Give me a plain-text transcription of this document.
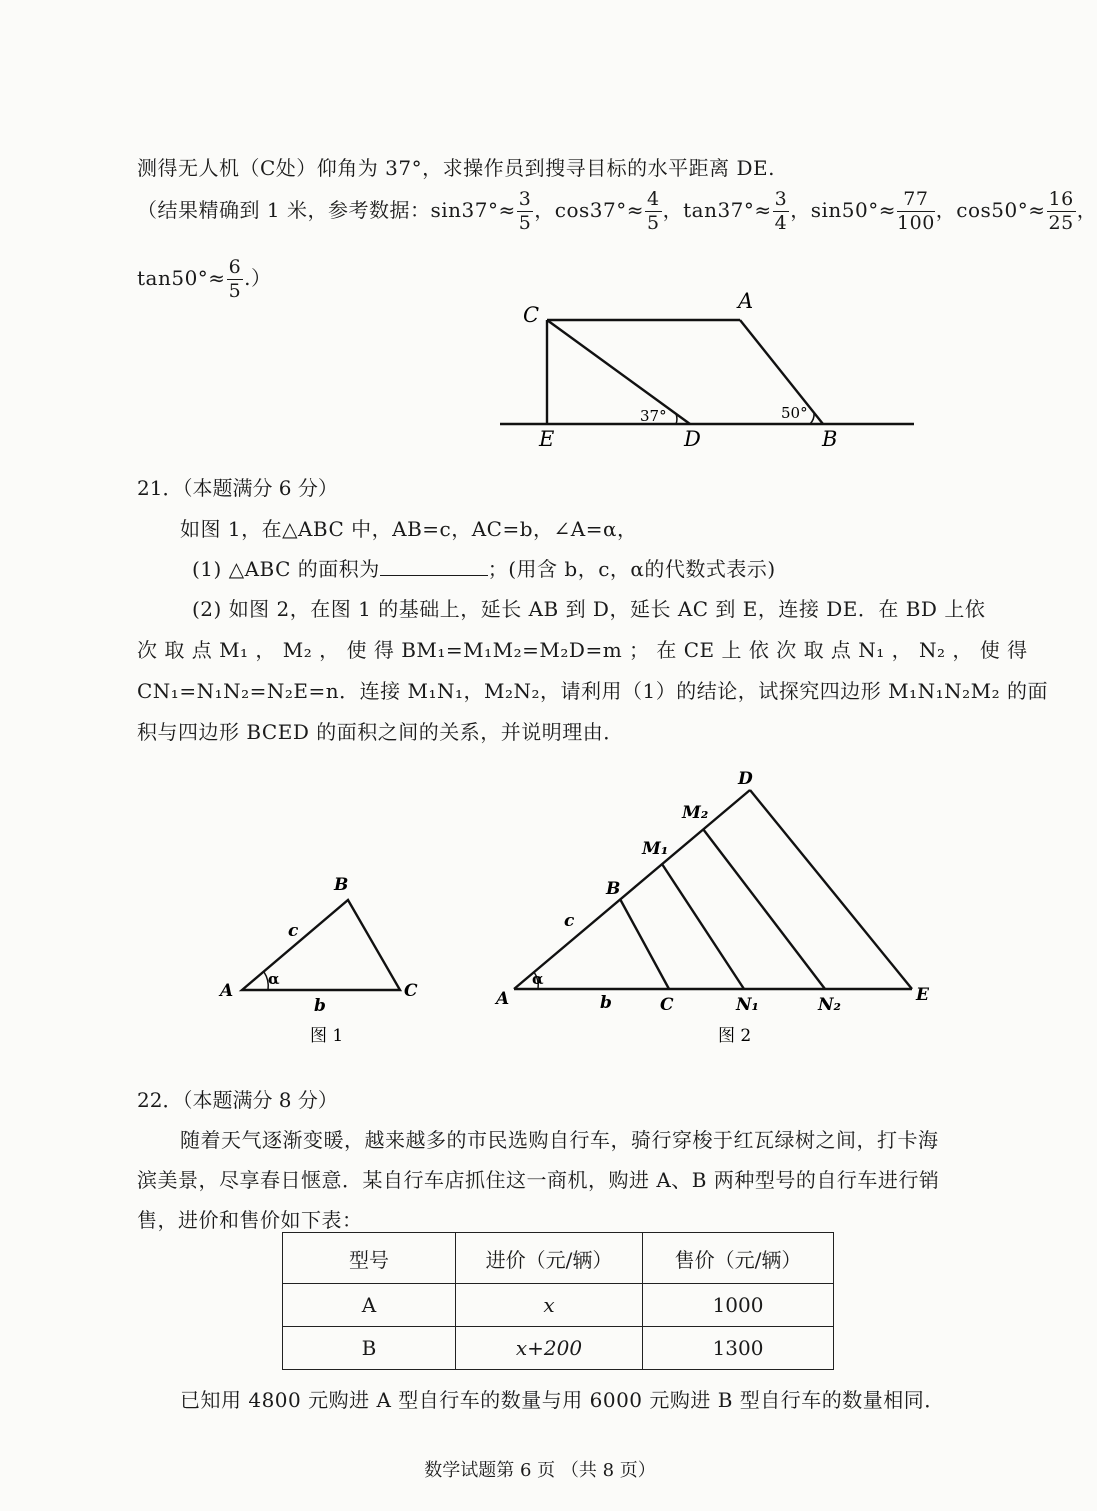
测得无人机（C处）仰角为 37°，求操作员到搜寻目标的水平距离 DE.
（结果精确到 1 米，参考数据：$\sin 37^\circ\approx \frac{3}{5}$ ，$\cos 37^\circ\approx \frac{4}{5}$ ，$\tan 37^\circ\approx \frac{3}{4}$ ，$\sin 50^\circ\approx \frac{77}{100}$ ，$\cos 50^\circ\approx \frac{16}{25}$ ，
$\tan 50^\circ\approx \frac{6}{5}$ .）
C
A
E	D	B
37°	50°
21．（本题满分 6 分）
如图 1，在△ABC 中，AB=c，AC=b，∠A=α，
(1) △ABC 的面积为	；(用含 b，c，α的代数式表示)
(2) 如图 2，在图 1 的基础上，延长 AB 到 D，延长 AC 到 E，连接 DE．在 BD 上依
次 取 点 M₁ ， M₂ ， 使 得 BM₁=M₁M₂=M₂D=m ； 在 CE 上 依 次 取 点 N₁ ， N₂ ， 使 得
CN₁=N₁N₂=N₂E=n．连接 M₁N₁，M₂N₂，请利用（1）的结论，试探究四边形 M₁N₁N₂M₂ 的面
积与四边形 BCED 的面积之间的关系，并说明理由．
A
B
C
c
b
α
图 1
A
B
C
D
E
M₁
M₂
N₁	N₂
c
b
α
图 2
22．（本题满分 8 分）
随着天气逐渐变暖，越来越多的市民选购自行车，骑行穿梭于红瓦绿树之间，打卡海
滨美景，尽享春日惬意．某自行车店抓住这一商机，购进 A、B 两种型号的自行车进行销
售，进价和售价如下表：
型号	进价（元/辆）	售价（元/辆）
A	x	1000
B	x+200	1300
已知用 4800 元购进 A 型自行车的数量与用 6000 元购进 B 型自行车的数量相同．
数学试题第 6 页 （共 8 页）
